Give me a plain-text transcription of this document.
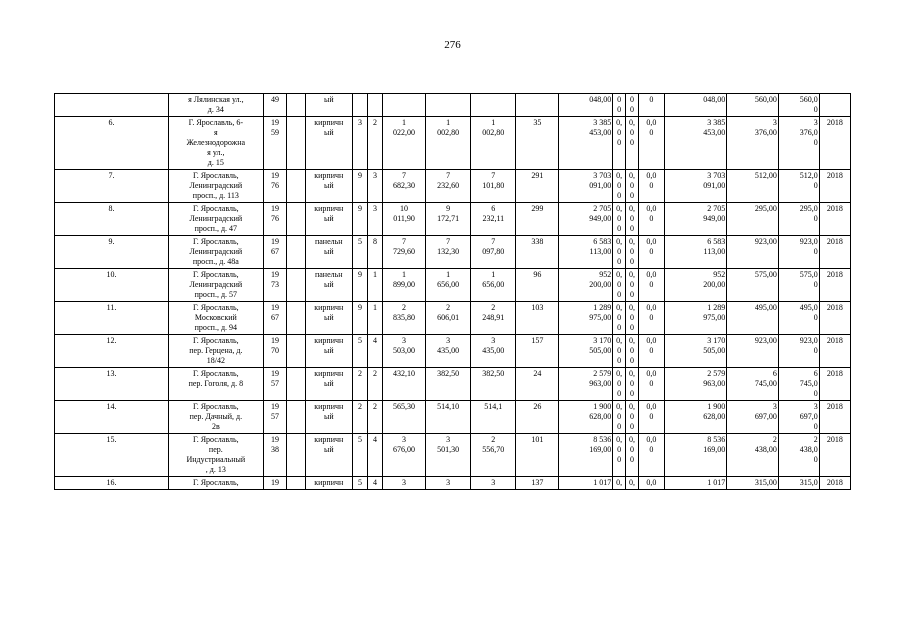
276

	я Лялинская ул.,
д. 34	49		ый							048,00	0
0	0
0	0	048,00	560,00	560,0
0	

6.	Г. Ярославль, 6-
я
Железнодорожна
я ул.,
д. 15	19
59		кирпичн
ый	3	2	1
022,00	1
002,80	1
002,80	35	3 385
453,00	0,
0
0	0,
0
0	0,0
0	3 385
453,00	3
376,00	3
376,0
0	2018
7.	Г. Ярославль,
Ленинградский
просп., д. 113	19
76		кирпичн
ый	9	3	7
682,30	7
232,60	7
101,80	291	3 703
091,00	0,
0
0	0,
0
0	0,0
0	3 703
091,00	512,00	512,0
0	2018
8.	Г. Ярославль,
Ленинградский
просп., д. 47	19
76		кирпичн
ый	9	3	10
011,90	9
172,71	6
232,11	299	2 705
949,00	0,
0
0	0,
0
0	0,0
0	2 705
949,00	295,00	295,0
0	2018
9.	Г. Ярославль,
Ленинградский
просп., д. 48а	19
67		панельн
ый	5	8	7
729,60	7
132,30	7
097,80	338	6 583
113,00	0,
0
0	0,
0
0	0,0
0	6 583
113,00	923,00	923,0
0	2018
10.	Г. Ярославль,
Ленинградский
просп., д. 57	19
73		панельн
ый	9	1	1
899,00	1
656,00	1
656,00	96	952
200,00	0,
0
0	0,
0
0	0,0
0	952
200,00	575,00	575,0
0	2018
11.	Г. Ярославль,
Московский
просп., д. 94	19
67		кирпичн
ый	9	1	2
835,80	2
606,01	2
248,91	103	1 289
975,00	0,
0
0	0,
0
0	0,0
0	1 289
975,00	495,00	495,0
0	2018
12.	Г. Ярославль,
пер. Герцена, д.
18/42	19
70		кирпичн
ый	5	4	3
503,00	3
435,00	3
435,00	157	3 170
505,00	0,
0
0	0,
0
0	0,0
0	3 170
505,00	923,00	923,0
0	2018
13.	Г. Ярославль,
пер. Гоголя, д. 8	19
57		кирпичн
ый	2	2	432,10	382,50	382,50	24	2 579
963,00	0,
0
0	0,
0
0	0,0
0	2 579
963,00	6
745,00	6
745,0
0	2018
14.	Г. Ярославль,
пер. Дачный, д.
2в	19
57		кирпичн
ый	2	2	565,30	514,10	514,1	26	1 900
628,00	0,
0
0	0,
0
0	0,0
0	1 900
628,00	3
697,00	3
697,0
0	2018
15.	Г. Ярославль,
пер.
Индустриальный
, д. 13	19
38		кирпичн
ый	5	4	3
676,00	3
501,30	2
556,70	101	8 536
169,00	0,
0
0	0,
0
0	0,0
0	8 536
169,00	2
438,00	2
438,0
0	2018
16.	Г. Ярославль,	19		кирпичн	5	4	3	3	3	137	1 017	0,	0,	0,0	1 017	315,00	315,0	2018
